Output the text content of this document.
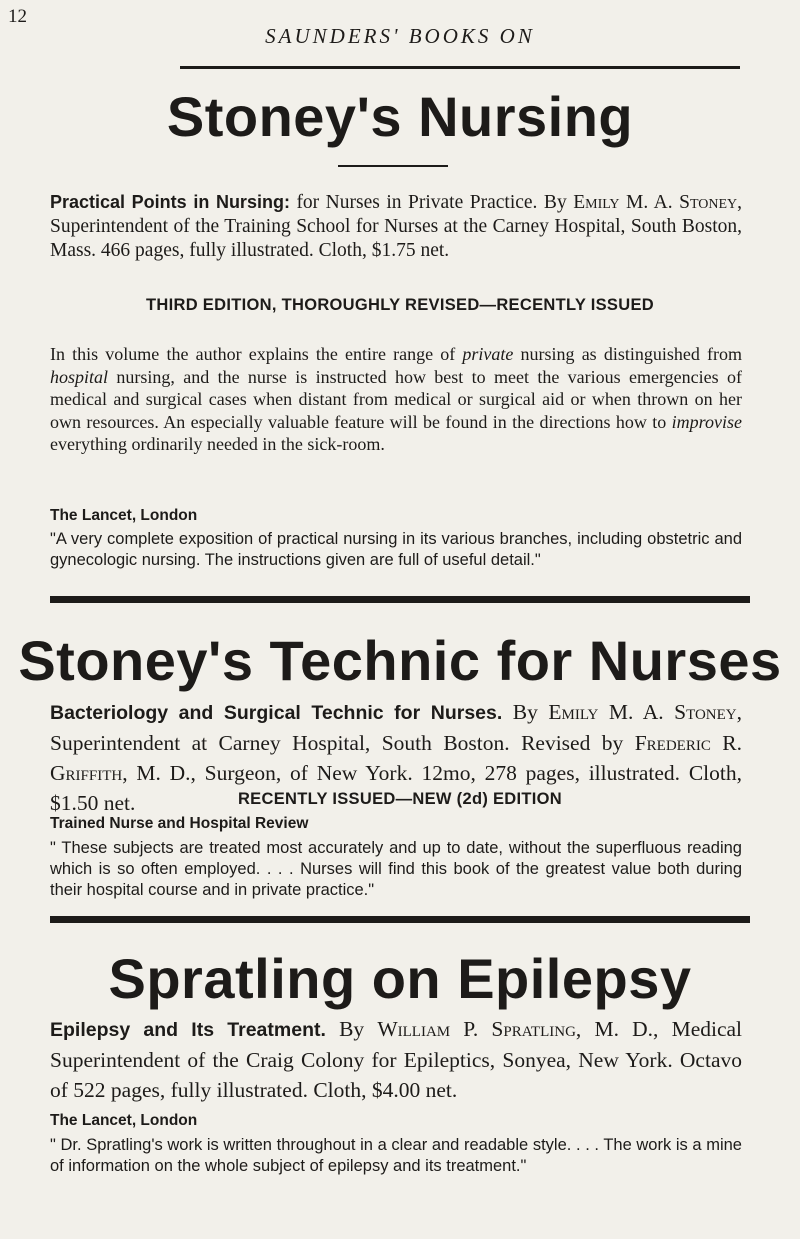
12
SAUNDERS' BOOKS ON
Stoney's Nursing
Practical Points in Nursing: for Nurses in Private Practice. By Emily M. A. Stoney, Superintendent of the Training School for Nurses at the Carney Hospital, South Boston, Mass. 466 pages, fully illustrated. Cloth, $1.75 net.
THIRD EDITION, THOROUGHLY REVISED—RECENTLY ISSUED
In this volume the author explains the entire range of private nursing as distinguished from hospital nursing, and the nurse is instructed how best to meet the various emergencies of medical and surgical cases when distant from medical or surgical aid or when thrown on her own resources. An especially valuable feature will be found in the directions how to improvise everything ordinarily needed in the sick-room.
The Lancet, London
"A very complete exposition of practical nursing in its various branches, including obstetric and gynecologic nursing. The instructions given are full of useful detail."
Stoney's Technic for Nurses
Bacteriology and Surgical Technic for Nurses. By Emily M. A. Stoney, Superintendent at Carney Hospital, South Boston. Revised by Frederic R. Griffith, M. D., Surgeon, of New York. 12mo, 278 pages, illustrated. Cloth, $1.50 net.	RECENTLY ISSUED—NEW (2d) EDITION
Trained Nurse and Hospital Review
" These subjects are treated most accurately and up to date, without the superfluous reading which is so often employed. . . . Nurses will find this book of the greatest value both during their hospital course and in private practice."
Spratling on Epilepsy
Epilepsy and Its Treatment. By William P. Spratling, M. D., Medical Superintendent of the Craig Colony for Epileptics, Sonyea, New York. Octavo of 522 pages, fully illustrated. Cloth, $4.00 net.
The Lancet, London
" Dr. Spratling's work is written throughout in a clear and readable style. . . . The work is a mine of information on the whole subject of epilepsy and its treatment."
